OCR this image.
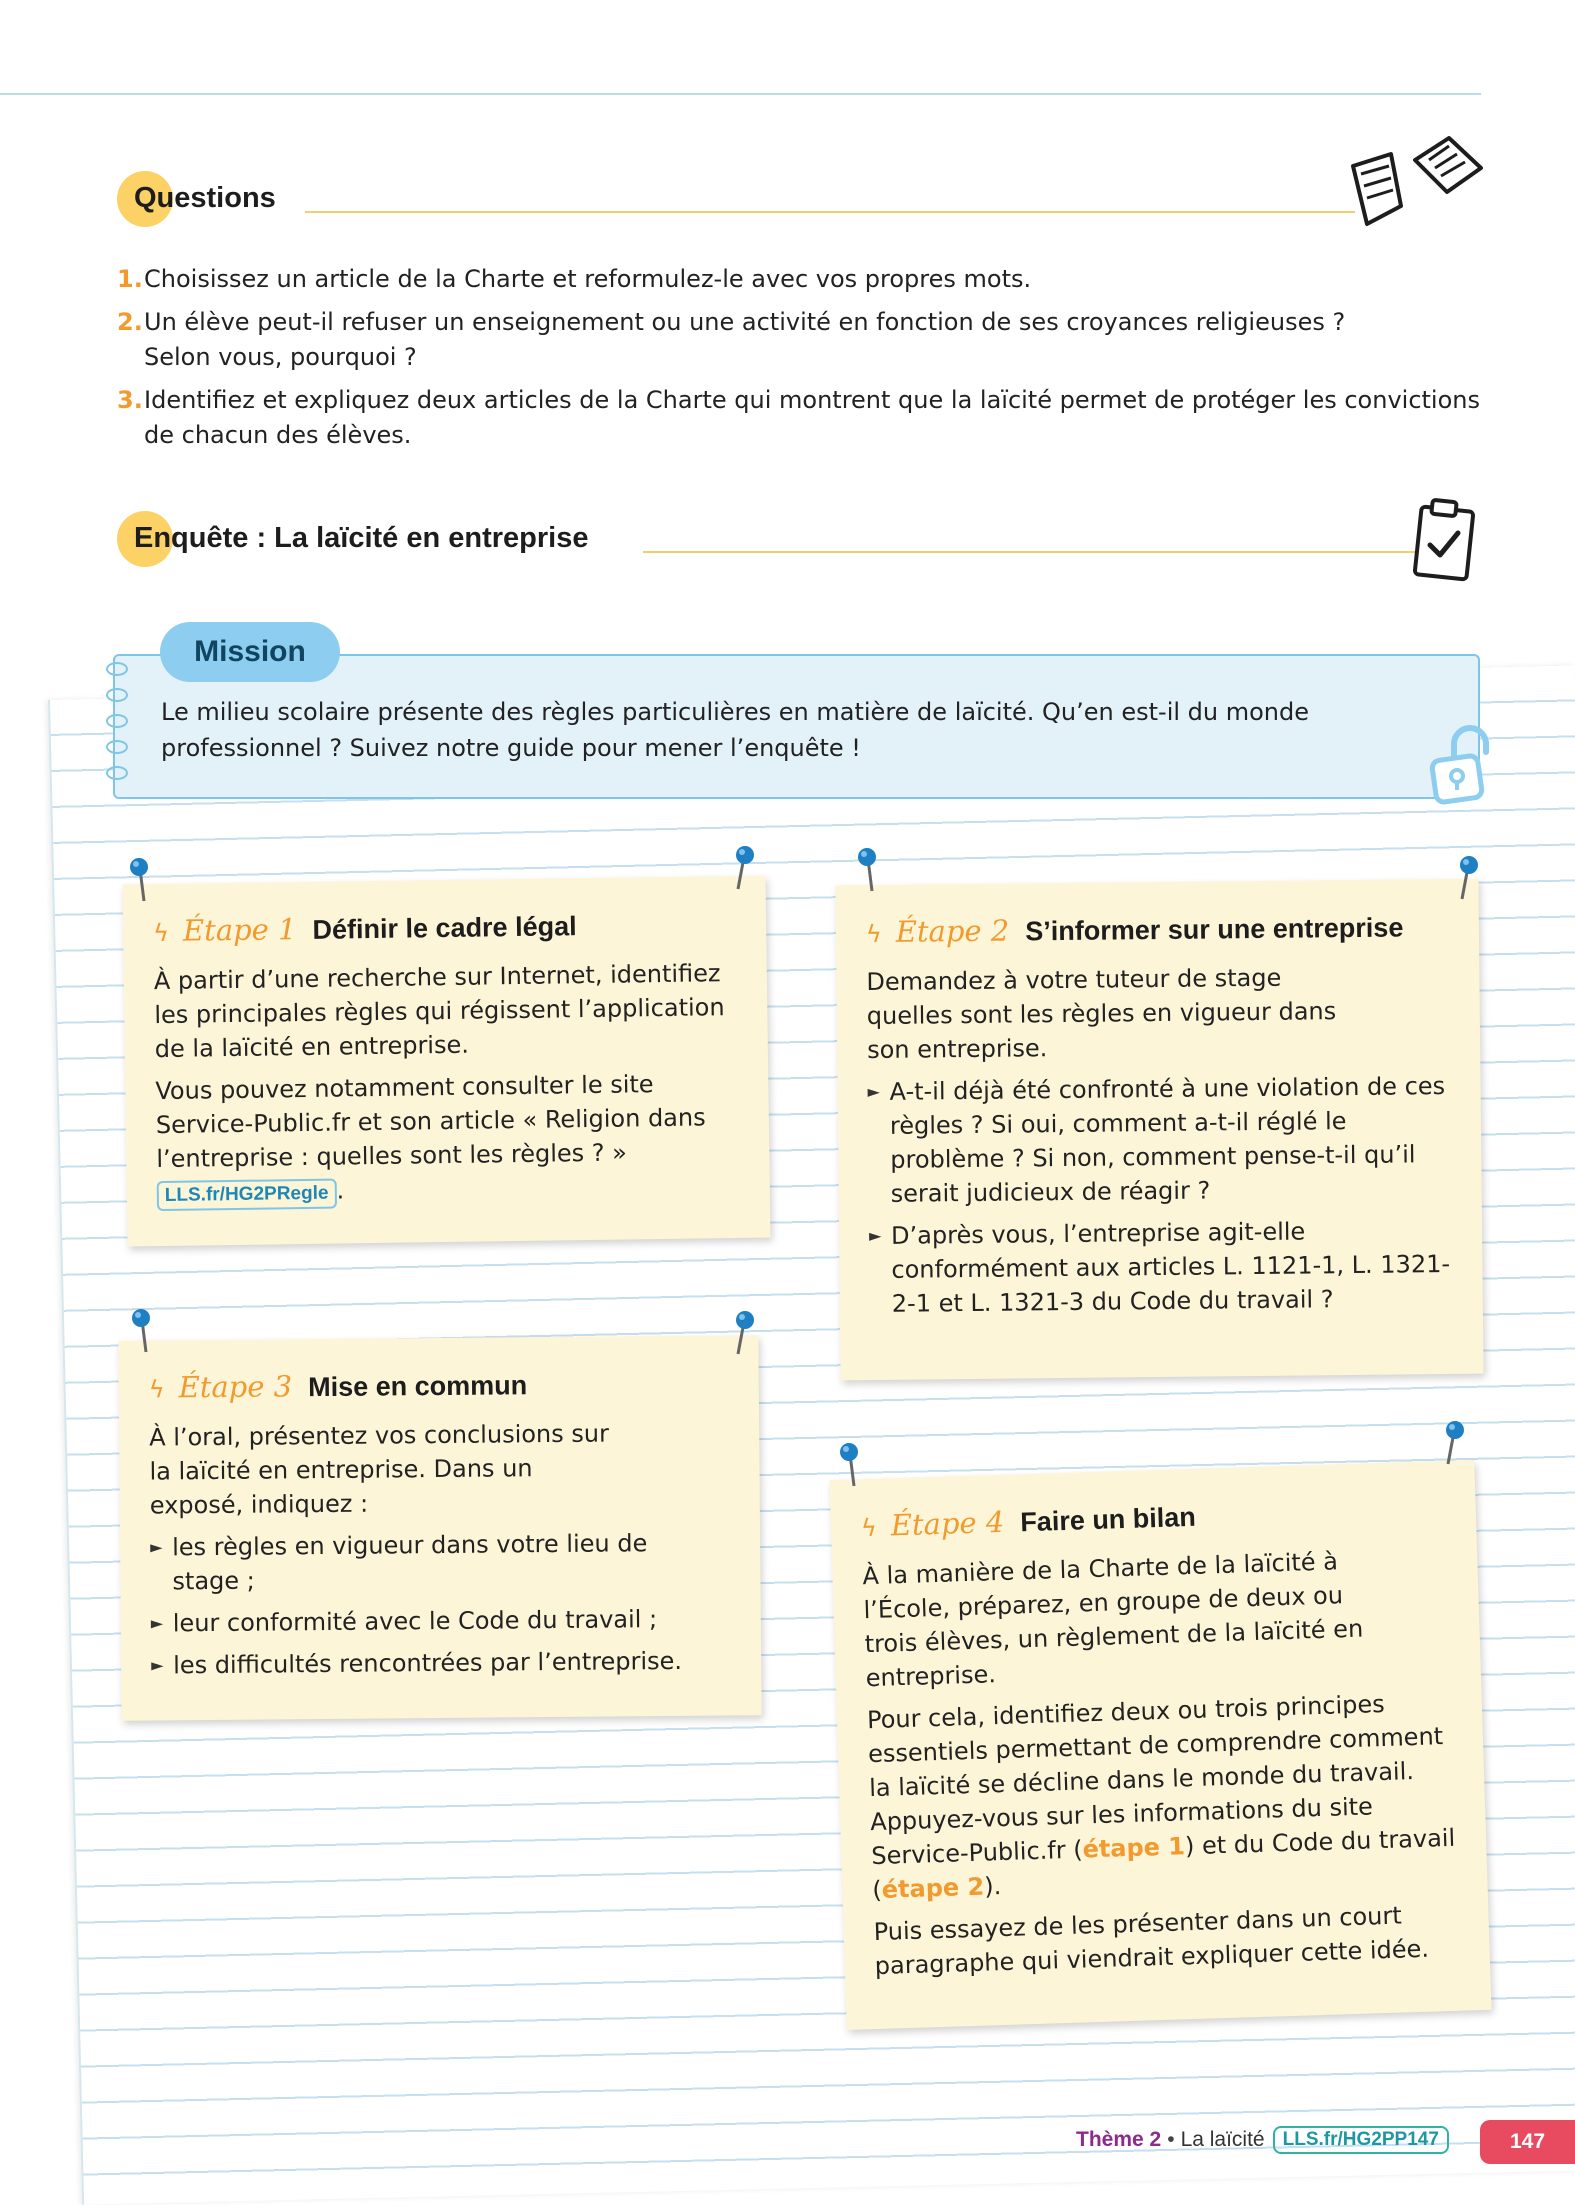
Questions
1. Choisissez un article de la Charte et reformulez-le avec vos propres mots.
2. Un élève peut-il refuser un enseignement ou une activité en fonction de ses croyances religieuses ? Selon vous, pourquoi ?
3. Identifiez et expliquez deux articles de la Charte qui montrent que la laïcité permet de protéger les convictions de chacun des élèves.
Enquête : La laïcité en entreprise
Mission
Le milieu scolaire présente des règles particulières en matière de laïcité. Qu’en est-il du monde professionnel ? Suivez notre guide pour mener l’enquête !
ϟ Étape 1 Définir le cadre légal

À partir d’une recherche sur Internet, identifiez les principales règles qui régissent l’application de la laïcité en entreprise.

Vous pouvez notamment consulter le site Service-Public.fr et son article « Religion dans l’entreprise : quelles sont les règles ? »
LLS.fr/HG2PRegle .

ϟ Étape 2 S’informer sur une entreprise

Demandez à votre tuteur de stage quelles sont les règles en vigueur dans son entreprise.

► A-t-il déjà été confronté à une violation de ces règles ? Si oui, comment a-t-il réglé le problème ? Si non, comment pense-t-il qu’il serait judicieux de réagir ?
► D’après vous, l’entreprise agit-elle conformément aux articles L. 1121-1, L. 1321-2-1 et L. 1321-3 du Code du travail ?
ϟ Étape 3 Mise en commun

À l’oral, présentez vos conclusions sur la laïcité en entreprise. Dans un exposé, indiquez :

► les règles en vigueur dans votre lieu de stage ;
► leur conformité avec le Code du travail ;
► les difficultés rencontrées par l’entreprise.
ϟ Étape 4 Faire un bilan

À la manière de la Charte de la laïcité à l’École, préparez, en groupe de deux ou trois élèves, un règlement de la laïcité en entreprise.

Pour cela, identifiez deux ou trois principes essentiels permettant de comprendre comment la laïcité se décline dans le monde du travail. Appuyez-vous sur les informations du site Service-Public.fr (étape 1) et du Code du travail (étape 2).

Puis essayez de les présenter dans un court paragraphe qui viendrait expliquer cette idée.

Thème 2 • La laïcité LLS.fr/HG2PP147	147
